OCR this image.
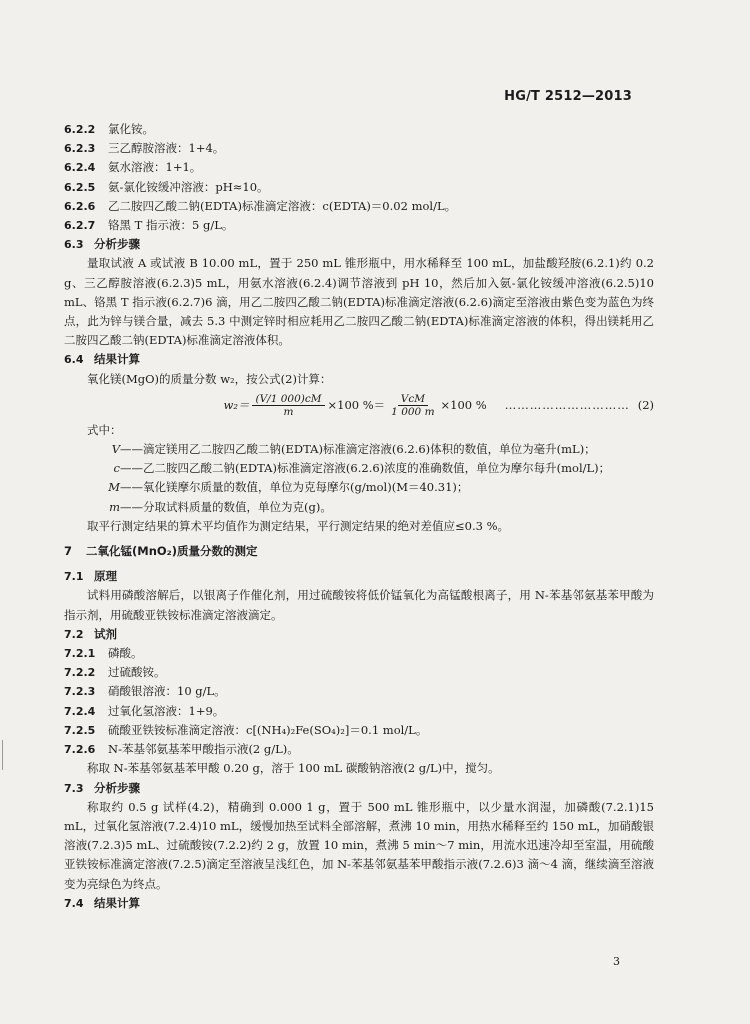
HG/T 2512—2013
6.2.2	氯化铵。
6.2.3	三乙醇胺溶液：1+4。
6.2.4	氨水溶液：1+1。
6.2.5	氨-氯化铵缓冲溶液：pH≈10。
6.2.6	乙二胺四乙酸二钠(EDTA)标准滴定溶液：c(EDTA)＝0.02 mol/L。
6.2.7	铬黑 T 指示液：5 g/L。
6.3 分析步骤
量取试液 A 或试液 B 10.00 mL，置于 250 mL 锥形瓶中，用水稀释至 100 mL，加盐酸羟胺(6.2.1)约 0.2 g、三乙醇胺溶液(6.2.3)5 mL，用氨水溶液(6.2.4)调节溶液到 pH 10，然后加入氨-氯化铵缓冲溶液(6.2.5)10 mL、铬黑 T 指示液(6.2.7)6 滴，用乙二胺四乙酸二钠(EDTA)标准滴定溶液(6.2.6)滴定至溶液由紫色变为蓝色为终点，此为锌与镁合量，减去 5.3 中测定锌时相应耗用乙二胺四乙酸二钠(EDTA)标准滴定溶液的体积，得出镁耗用乙二胺四乙酸二钠(EDTA)标准滴定溶液体积。
6.4 结果计算
氧化镁(MgO)的质量分数 w₂，按公式(2)计算：
$w_2= \frac{(V/1 000)cM}{m} \times 100$ %＝ $\frac{\text{VcM}}{1 000 m} \times 100$ % ………………………… (2)
式中：
V ——滴定镁用乙二胺四乙酸二钠(EDTA)标准滴定溶液(6.2.6)体积的数值，单位为毫升(mL)；
c ——乙二胺四乙酸二钠(EDTA)标准滴定溶液(6.2.6)浓度的准确数值，单位为摩尔每升(mol/L)；
M ——氧化镁摩尔质量的数值，单位为克每摩尔(g/mol)(M＝40.31)；
m ——分取试料质量的数值，单位为克(g)。
取平行测定结果的算术平均值作为测定结果，平行测定结果的绝对差值应≤0.3 %。
7	二氧化锰(MnO₂)质量分数的测定
7.1 原理
试料用磷酸溶解后，以银离子作催化剂，用过硫酸铵将低价锰氧化为高锰酸根离子，用 N-苯基邻氨基苯甲酸为指示剂，用硫酸亚铁铵标准滴定溶液滴定。
7.2 试剂
7.2.1	磷酸。
7.2.2	过硫酸铵。
7.2.3	硝酸银溶液：10 g/L。
7.2.4	过氧化氢溶液：1+9。
7.2.5	硫酸亚铁铵标准滴定溶液：c[(NH₄)₂Fe(SO₄)₂]＝0.1 mol/L。
7.2.6	N-苯基邻氨基苯甲酸指示液(2 g/L)。
称取 N-苯基邻氨基苯甲酸 0.20 g，溶于 100 mL 碳酸钠溶液(2 g/L)中，搅匀。
7.3 分析步骤
称取约 0.5 g 试样(4.2)，精确到 0.000 1 g，置于 500 mL 锥形瓶中，以少量水润湿，加磷酸(7.2.1)15 mL，过氧化氢溶液(7.2.4)10 mL，缓慢加热至试料全部溶解，煮沸 10 min，用热水稀释至约 150 mL，加硝酸银溶液(7.2.3)5 mL、过硫酸铵(7.2.2)约 2 g，放置 10 min，煮沸 5 min～7 min，用流水迅速冷却至室温，用硫酸亚铁铵标准滴定溶液(7.2.5)滴定至溶液呈浅红色，加 N-苯基邻氨基苯甲酸指示液(7.2.6)3 滴～4 滴，继续滴至溶液变为亮绿色为终点。
7.4 结果计算
3
